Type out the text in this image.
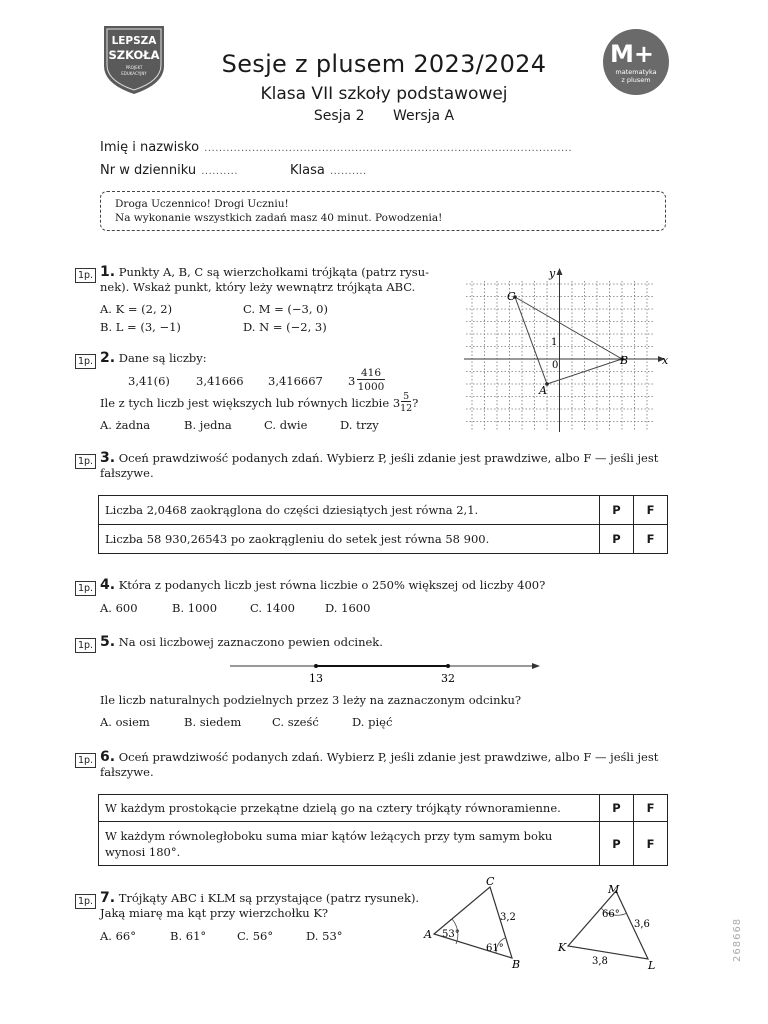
LEPSZA
SZKOŁA
PROJEKT
EDUKACYJNY
M+
matematyka
z plusem
Sesje z plusem 2023/2024
Klasa VII szkoły podstawowej
Sesja 2 Wersja A
Imię i nazwisko ....................................................................................................
Nr w dzienniku ..........	Klasa ..........
Droga Uczennico! Drogi Uczniu!
Na wykonanie wszystkich zadań masz 40 minut. Powodzenia!
1p. 1. Punkty A, B, C są wierzchołkami trójkąta (patrz rysu-
nek). Wskaż punkt, który leży wewnątrz trójkąta ABC.
A. K = (2, 2)	C. M = (−3, 0)
B. L = (3, −1)	D. N = (−2, 3)
x
y
0
1
C
B
A
1p. 2. Dane są liczby:
3,41(6) 3,41666 3,416667 3
416
1000
Ile z tych liczb jest większych lub równych liczbie $3 \frac{5}{12}$ ?
A. żadna	B. jedna	C. dwie	D. trzy
1p. 3. Oceń prawdziwość podanych zdań. Wybierz P, jeśli zdanie jest prawdziwe, albo F — jeśli jest
fałszywe.
Liczba 2,0468 zaokrąglona do części dziesiątych jest równa 2,1.	P	F
Liczba 58 930,26543 po zaokrągleniu do setek jest równa 58 900.	P	F
1p. 4. Która z podanych liczb jest równa liczbie o 250% większej od liczby 400?
A. 600	B. 1000	C. 1400	D. 1600
1p. 5. Na osi liczbowej zaznaczono pewien odcinek.
13	32
Ile liczb naturalnych podzielnych przez 3 leży na zaznaczonym odcinku?
A. osiem	B. siedem	C. sześć	D. pięć
1p. 6. Oceń prawdziwość podanych zdań. Wybierz P, jeśli zdanie jest prawdziwe, albo F — jeśli jest
fałszywe.
W każdym prostokącie przekątne dzielą go na cztery trójkąty równoramienne.	P	F
W każdym równoległoboku suma miar kątów leżących przy tym samym boku wynosi 180°.	P	F
1p. 7. Trójkąty ABC i KLM są przystające (patrz rysunek).
Jaką miarę ma kąt przy wierzchołku K?
A. 66°	B. 61°	C. 56°	D. 53°	A
C
B
53°
61°
3,2
K
M
L
66°
3,6
3,8	268668
